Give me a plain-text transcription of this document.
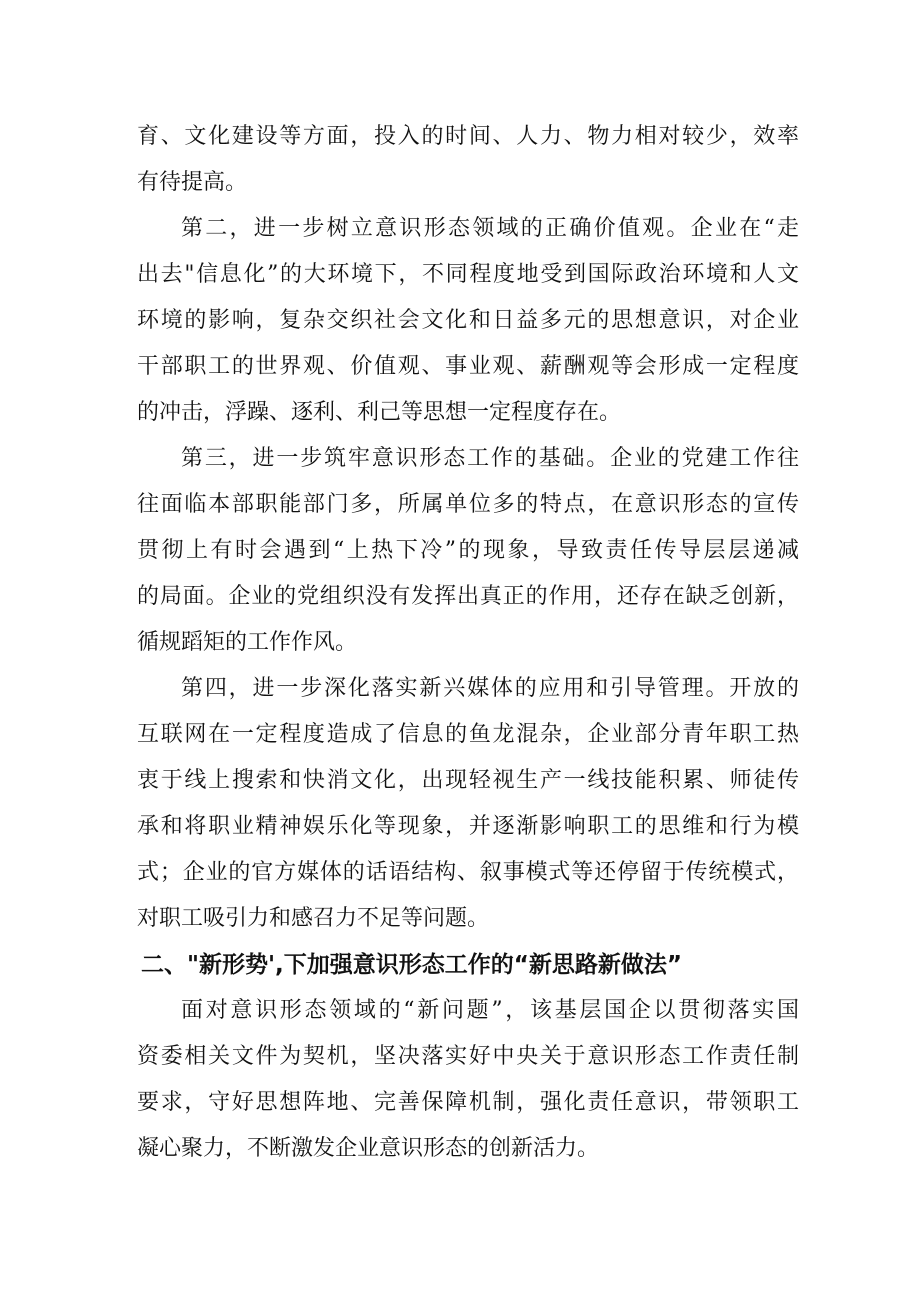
育、文化建设等方面，投入的时间、人力、物力相对较少，效率
有待提高。
第二，进一步树立意识形态领域的正确价值观。企业在“走
出去"信息化”的大环境下，不同程度地受到国际政治环境和人文
环境的影响，复杂交织社会文化和日益多元的思想意识，对企业
干部职工的世界观、价值观、事业观、薪酬观等会形成一定程度
的冲击，浮躁、逐利、利己等思想一定程度存在。
第三，进一步筑牢意识形态工作的基础。企业的党建工作往
往面临本部职能部门多，所属单位多的特点，在意识形态的宣传
贯彻上有时会遇到“上热下冷”的现象，导致责任传导层层递减
的局面。企业的党组织没有发挥出真正的作用，还存在缺乏创新，
循规蹈矩的工作作风。
第四，进一步深化落实新兴媒体的应用和引导管理。开放的
互联网在一定程度造成了信息的鱼龙混杂，企业部分青年职工热
衷于线上搜索和快消文化，出现轻视生产一线技能积累、师徒传
承和将职业精神娱乐化等现象，并逐渐影响职工的思维和行为模
式；企业的官方媒体的话语结构、叙事模式等还停留于传统模式，
对职工吸引力和感召力不足等问题。
二、"新形势',下加强意识形态工作的“新思路新做法”
面对意识形态领域的“新问题”，该基层国企以贯彻落实国
资委相关文件为契机，坚决落实好中央关于意识形态工作责任制
要求，守好思想阵地、完善保障机制，强化责任意识，带领职工
凝心聚力，不断激发企业意识形态的创新活力。
